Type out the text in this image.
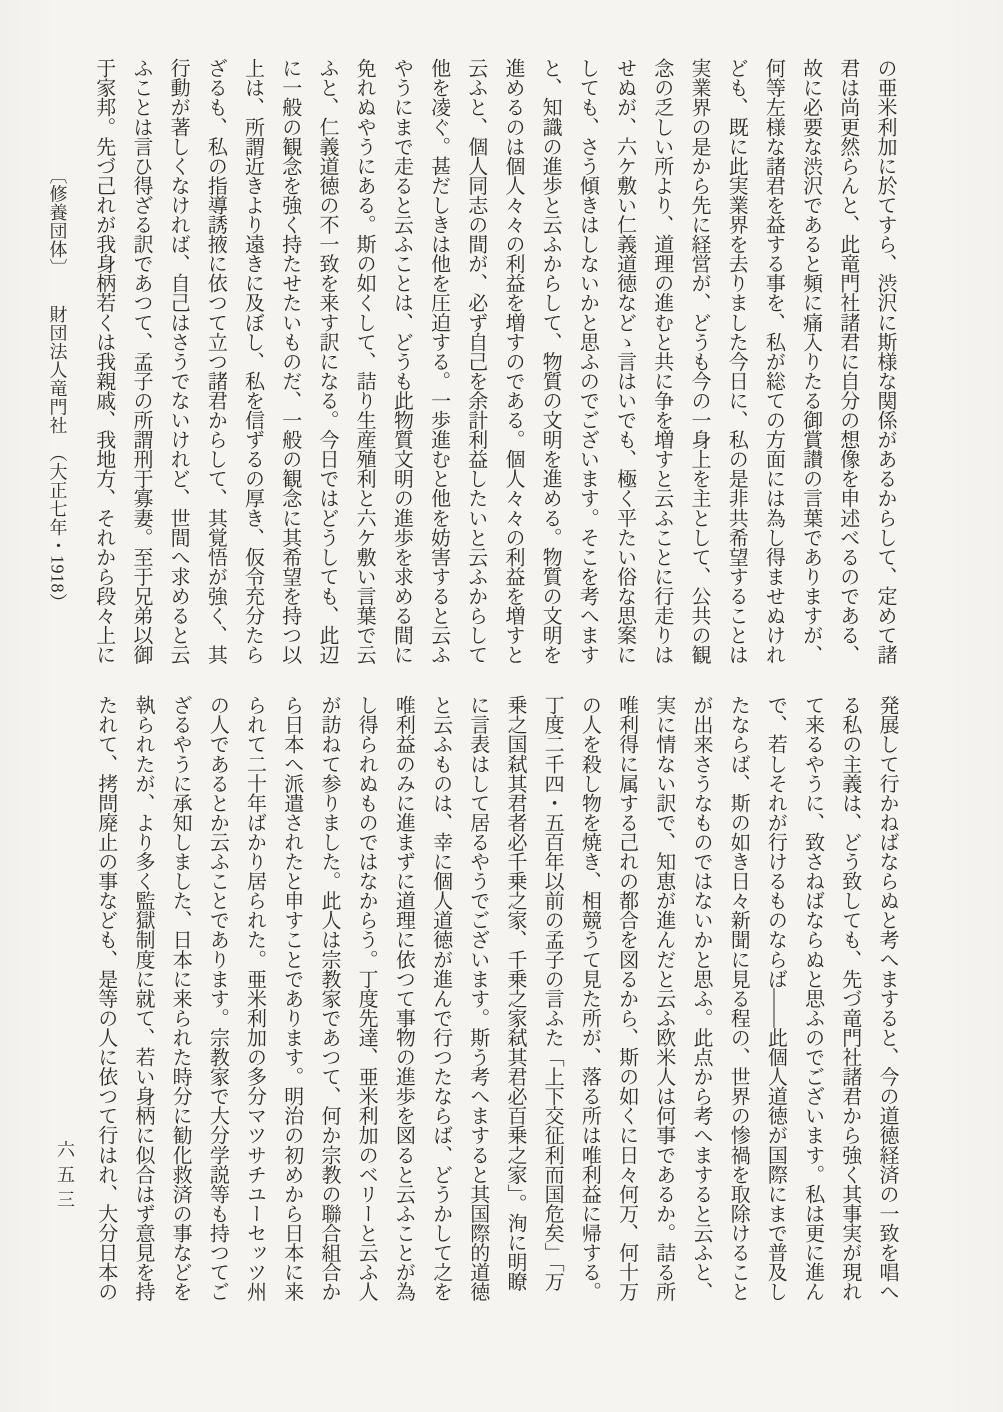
の亜米利加に於てすら、渋沢に斯様な関係があるからして、定めて諸

君は尚更然らんと、此竜門社諸君に自分の想像を申述べるのである、

故に必要な渋沢であると頻に痛入りたる御賞讃の言葉でありますが、

何等左様な諸君を益する事を、私が総ての方面には為し得ませぬけれ

ども、既に此実業界を去りました今日に、私の是非共希望することは

実業界の是から先に経営が、どうも今の一身上を主として、公共の観

念の乏しい所より、道理の進むと共に争を増すと云ふことに行走りは

せぬが、六ケ敷い仁義道徳などゝ言はいでも、極く平たい俗な思案に

しても、さう傾きはしないかと思ふのでございます。そこを考へます

と、知識の進歩と云ふからして、物質の文明を進める。物質の文明を

進めるのは個人々々の利益を増すのである。個人々々の利益を増すと

云ふと、個人同志の間が、必ず自己を余計利益したいと云ふからして

他を凌ぐ。甚だしきは他を圧迫する。一歩進むと他を妨害すると云ふ

やうにまで走ると云ふことは、どうも此物質文明の進歩を求める間に

免れぬやうにある。斯の如くして、詰り生産殖利と六ケ敷い言葉で云

ふと、仁義道徳の不一致を来す訳になる。今日ではどうしても、此辺

に一般の観念を強く持たせたいものだ、一般の観念に其希望を持つ以

上は、所謂近きより遠きに及ぼし、私を信ずるの厚き、仮令充分たら

ざるも、私の指導誘掖に依つて立つ諸君からして、其覚悟が強く、其

行動が著しくなければ、自己はさうでないけれど、世間へ求めると云

ふことは言ひ得ざる訳であつて、孟子の所謂刑于寡妻。至于兄弟以御

于家邦。先づ己れが我身柄若くは我親戚、我地方、それから段々上に

〔修養団体〕　　財団法人竜門社　（大正七年・1918）

発展して行かねばならぬと考へますると、今の道徳経済の一致を唱へ

る私の主義は、どう致しても、先づ竜門社諸君から強く其事実が現れ

て来るやうに、致さねばならぬと思ふのでございます。私は更に進ん

で、若しそれが行けるものならば――此個人道徳が国際にまで普及し

たならば、斯の如き日々新聞に見る程の、世界の惨禍を取除けること

が出来さうなものではないかと思ふ。此点から考へますると云ふと、

実に情ない訳で、知恵が進んだと云ふ欧米人は何事であるか。詰る所

唯利得に属する己れの都合を図るから、斯の如くに日々何万、何十万

の人を殺し物を焼き、相競うて見た所が、落る所は唯利益に帰する。

丁度二千四・五百年以前の孟子の言ふた「上下交征利而国危矣」「万

乗之国弑其君者必千乗之家、千乗之家弑其君必百乗之家」。洵に明瞭

に言表はして居るやうでございます。斯う考へますると其国際的道徳

と云ふものは、幸に個人道徳が進んで行つたならば、どうかして之を

唯利益のみに進まずに道理に依つて事物の進歩を図ると云ふことが為

し得られぬものではなからう。丁度先達、亜米利加のベリーと云ふ人

が訪ねて参りました。此人は宗教家であつて、何か宗教の聯合組合か

ら日本へ派遣されたと申すことであります。明治の初めから日本に来

られて二十年ばかり居られた。亜米利加の多分マツサチユーセッツ州

の人であるとか云ふことであります。宗教家で大分学説等も持つてご

ざるやうに承知しました、日本に来られた時分に勧化救済の事などを

執られたが、より多く監獄制度に就て、若い身柄に似合はず意見を持

たれて、拷問廃止の事なども、是等の人に依つて行はれ、大分日本の

六五三
